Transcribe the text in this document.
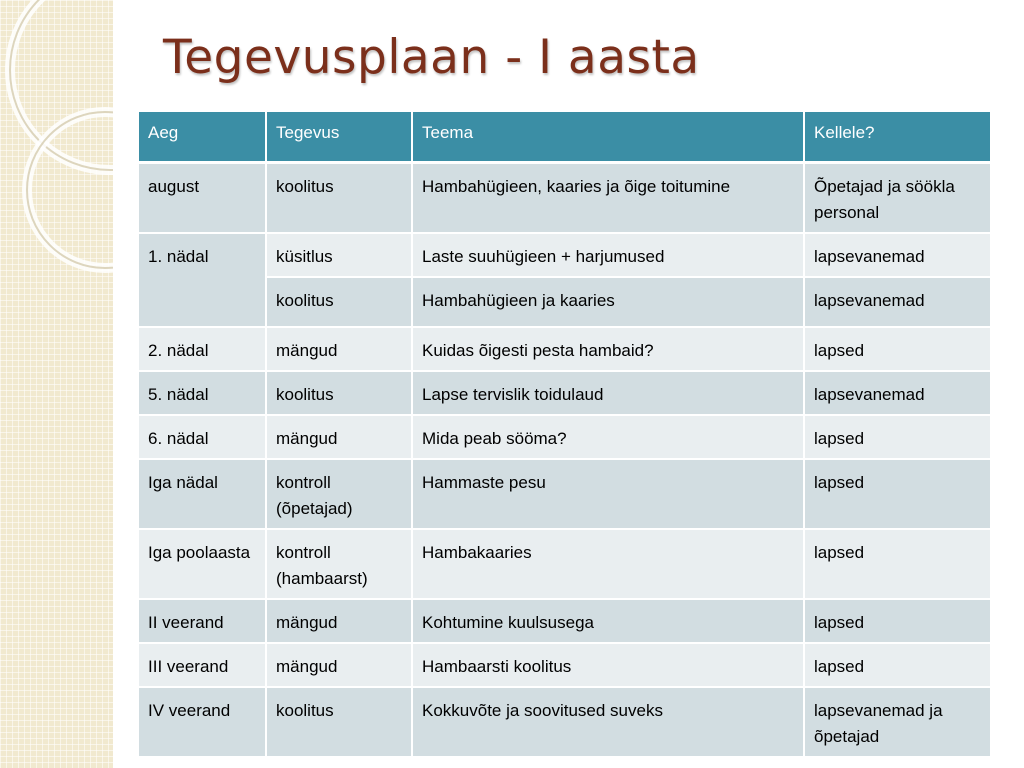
Tegevusplaan - I aasta
Aeg	Tegevus	Teema	Kellele?
august	koolitus	Hambahügieen, kaaries ja õige toitumine	Õpetajad ja söökla personal
1. nädal	küsitlus	Laste suuhügieen + harjumused	lapsevanemad
	koolitus	Hambahügieen ja kaaries	lapsevanemad
2. nädal	mängud	Kuidas õigesti pesta hambaid?	lapsed
5. nädal	koolitus	Lapse tervislik toidulaud	lapsevanemad
6. nädal	mängud	Mida peab sööma?	lapsed
Iga nädal	kontroll (õpetajad)	Hammaste pesu	lapsed
Iga poolaasta	kontroll (hambaarst)	Hambakaaries	lapsed
II veerand	mängud	Kohtumine kuulsusega	lapsed
III veerand	mängud	Hambaarsti koolitus	lapsed
IV veerand	koolitus	Kokkuvõte ja soovitused suveks	lapsevanemad ja õpetajad
